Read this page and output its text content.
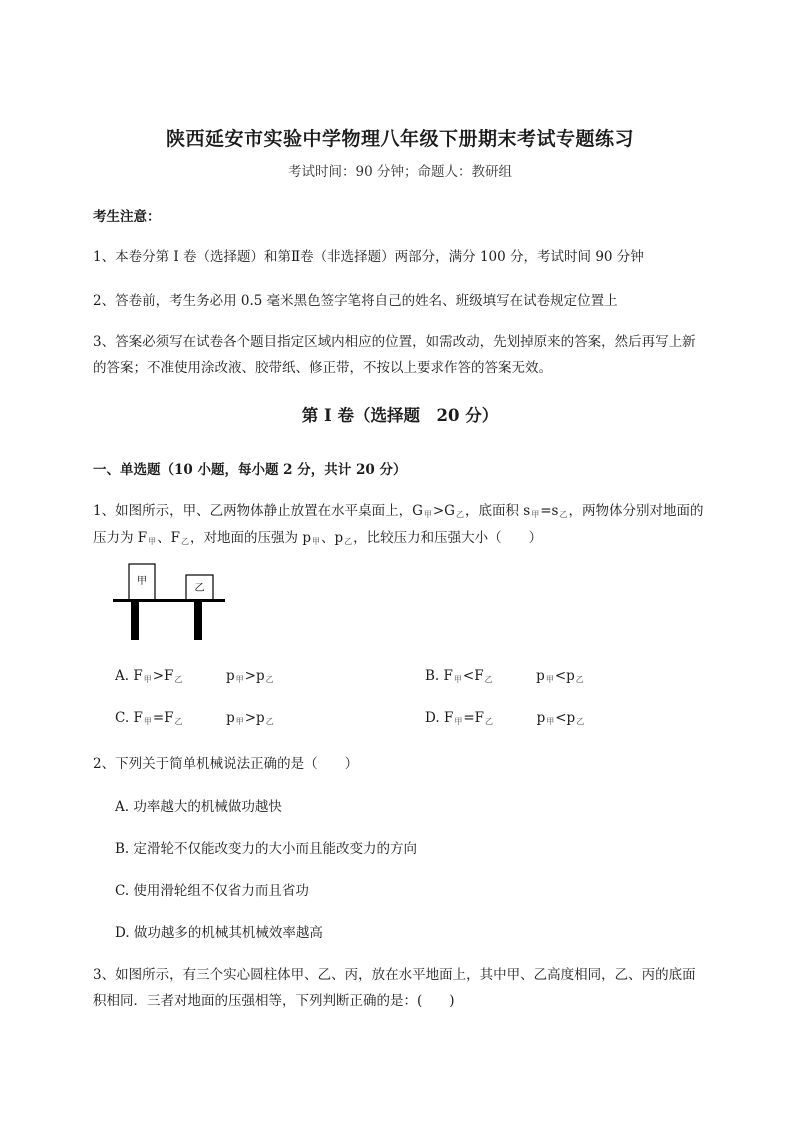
陕西延安市实验中学物理八年级下册期末考试专题练习
考试时间：90 分钟；命题人：教研组
考生注意：
1、本卷分第 I 卷（选择题）和第Ⅱ卷（非选择题）两部分，满分 100 分，考试时间 90 分钟
2、答卷前，考生务必用 0.5 毫米黑色签字笔将自己的姓名、班级填写在试卷规定位置上
3、答案必须写在试卷各个题目指定区域内相应的位置，如需改动，先划掉原来的答案，然后再写上新
的答案；不准使用涂改液、胶带纸、修正带，不按以上要求作答的答案无效。
第 I 卷（选择题　20 分）
一、单选题（10 小题，每小题 2 分，共计 20 分）
1、如图所示，甲、乙两物体静止放置在水平桌面上，$G_甲>G_乙$，底面积 $s_甲=s_乙$，两物体分别对地面的
压力为 $F_甲$、$F_乙$，对地面的压强为 $p_甲$、$p_乙$，比较压力和压强大小（　　）
甲
乙
A. $F_甲>F_乙$	$p_甲>p_乙$	B. $F_甲<F_乙$	$p_甲<p_乙$
C. $F_甲=F_乙$	$p_甲>p_乙$	D. $F_甲=F_乙$	$p_甲<p_乙$
2、下列关于简单机械说法正确的是（　　）
A. 功率越大的机械做功越快
B. 定滑轮不仅能改变力的大小而且能改变力的方向
C. 使用滑轮组不仅省力而且省功
D. 做功越多的机械其机械效率越高
3、如图所示，有三个实心圆柱体甲、乙、丙，放在水平地面上，其中甲、乙高度相同，乙、丙的底面
积相同．三者对地面的压强相等，下列判断正确的是：(　　)
